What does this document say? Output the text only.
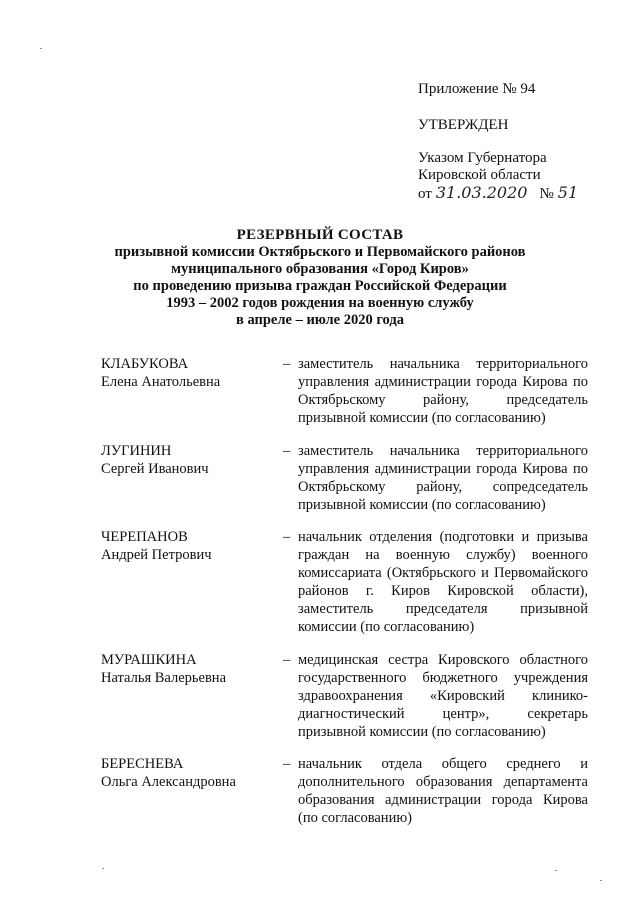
Приложение № 94
УТВЕРЖДЕН
Указом Губернатора
Кировской области
от 31.03.2020 № 51
РЕЗЕРВНЫЙ СОСТАВ
призывной комиссии Октябрьского и Первомайского районов
муниципального образования «Город Киров»
по проведению призыва граждан Российской Федерации
1993 – 2002 годов рождения на военную службу
в апреле – июле 2020 года
КЛАБУКОВА
Елена Анатольевна
– заместитель начальника территориального управления администрации города Кирова по Октябрьскому району, председатель призывной комиссии (по согласованию)
ЛУГИНИН
Сергей Иванович
– заместитель начальника территориального управления администрации города Кирова по Октябрьскому району, сопредседатель призывной комиссии (по согласованию)
ЧЕРЕПАНОВ
Андрей Петрович
– начальник отделения (подготовки и призыва граждан на военную службу) военного комиссариата (Октябрьского и Первомайского районов г. Киров Кировской области), заместитель председателя призывной комиссии (по согласованию)
МУРАШКИНА
Наталья Валерьевна
– медицинская сестра Кировского областного государственного бюджетного учреждения здравоохранения «Кировский клинико-диагностический центр», секретарь призывной комиссии (по согласованию)
БЕРЕСНЕВА
Ольга Александровна
– начальник отдела общего среднего и дополнительного образования департамента образования администрации города Кирова (по согласованию)
